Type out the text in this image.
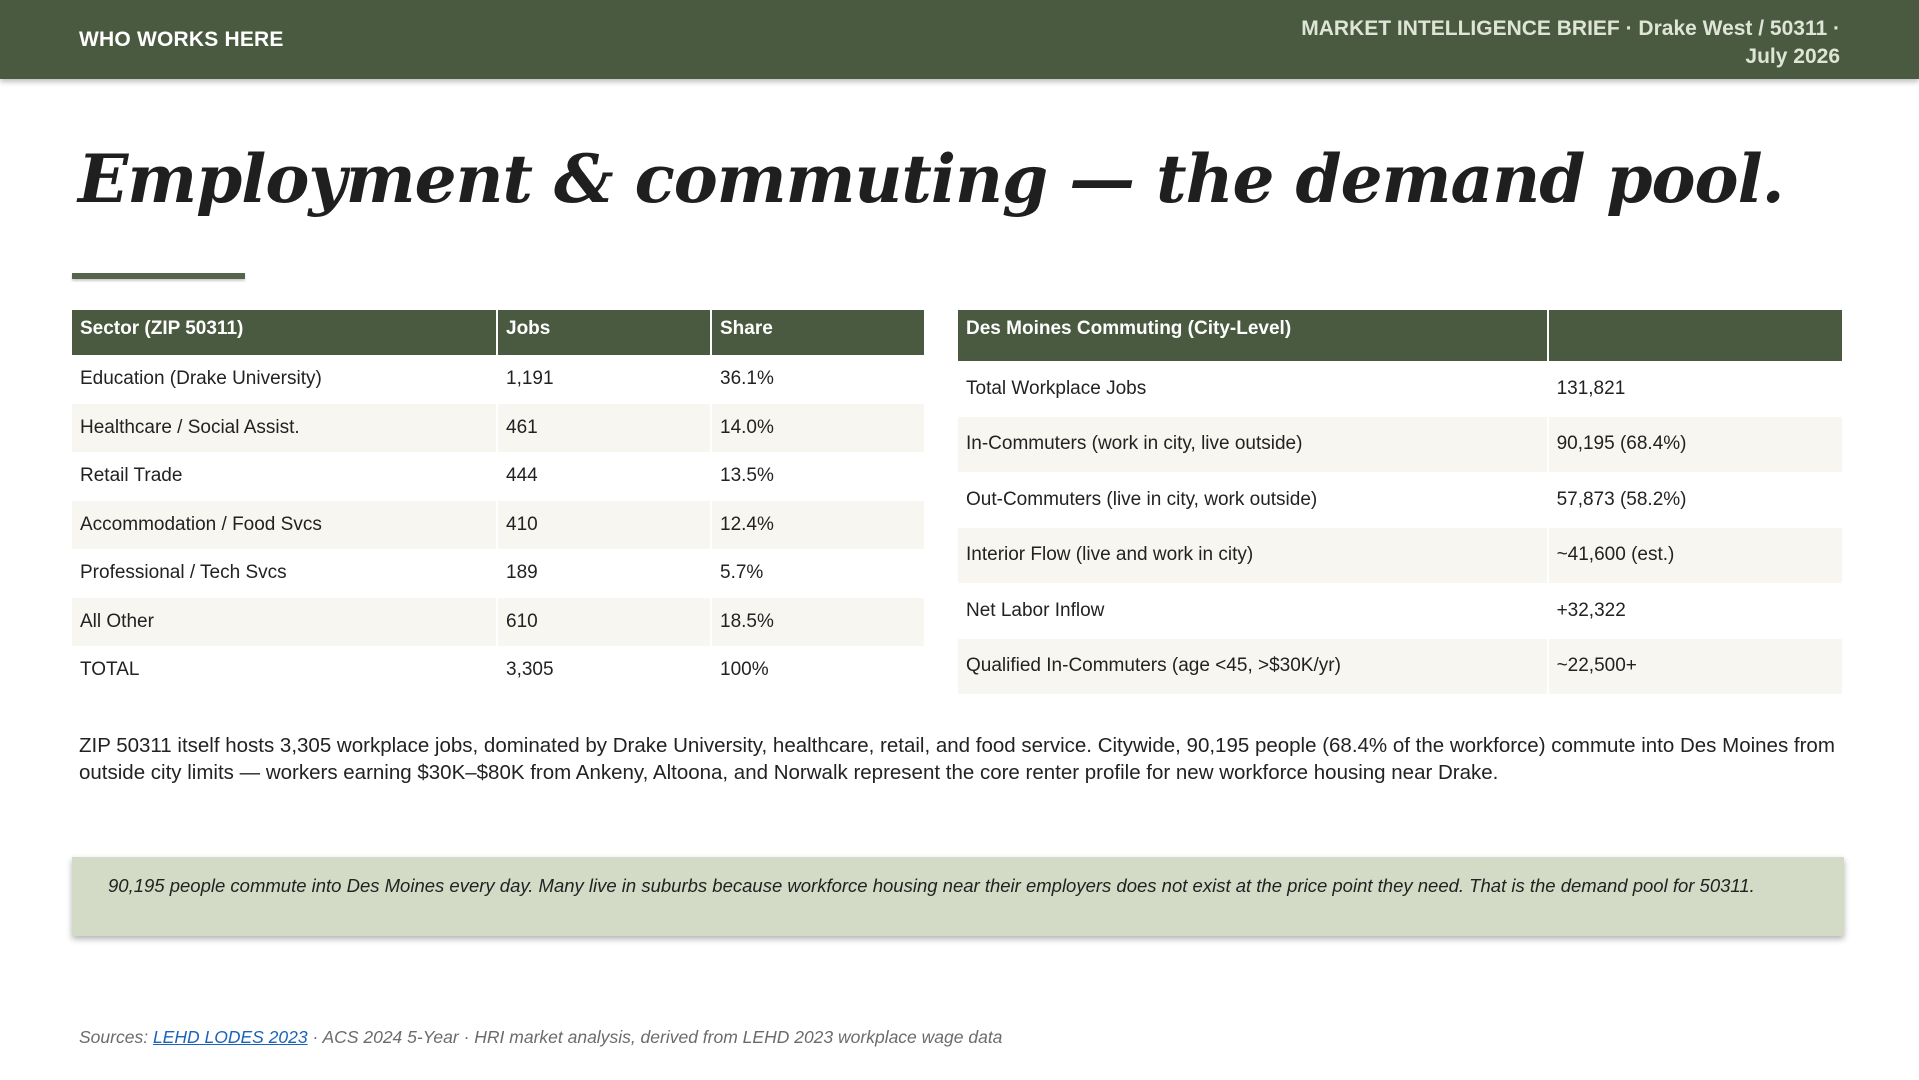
WHO WORKS HERE	MARKET INTELLIGENCE BRIEF · Drake West / 50311 ·
July 2026
Employment & commuting — the demand pool.
Sector (ZIP 50311)	Jobs	Share
Education (Drake University)	1,191	36.1%
Healthcare / Social Assist.	461	14.0%
Retail Trade	444	13.5%
Accommodation / Food Svcs	410	12.4%
Professional / Tech Svcs	189	5.7%
All Other	610	18.5%
TOTAL	3,305	100%
Des Moines Commuting (City-Level)	
Total Workplace Jobs	131,821
In-Commuters (work in city, live outside)	90,195 (68.4%)
Out-Commuters (live in city, work outside)	57,873 (58.2%)
Interior Flow (live and work in city)	~41,600 (est.)
Net Labor Inflow	+32,322
Qualified In-Commuters (age <45, >$30K/yr)	~22,500+

ZIP 50311 itself hosts 3,305 workplace jobs, dominated by Drake University, healthcare, retail, and food service. Citywide, 90,195 people (68.4% of the workforce) commute into Des Moines from outside city limits — workers earning $30K–$80K from Ankeny, Altoona, and Norwalk represent the core renter profile for new workforce housing near Drake.

90,195 people commute into Des Moines every day. Many live in suburbs because workforce housing near their employers does not exist at the price point they need. That is the demand pool for 50311.
Sources: LEHD LODES 2023 · ACS 2024 5-Year · HRI market analysis, derived from LEHD 2023 workplace wage data
